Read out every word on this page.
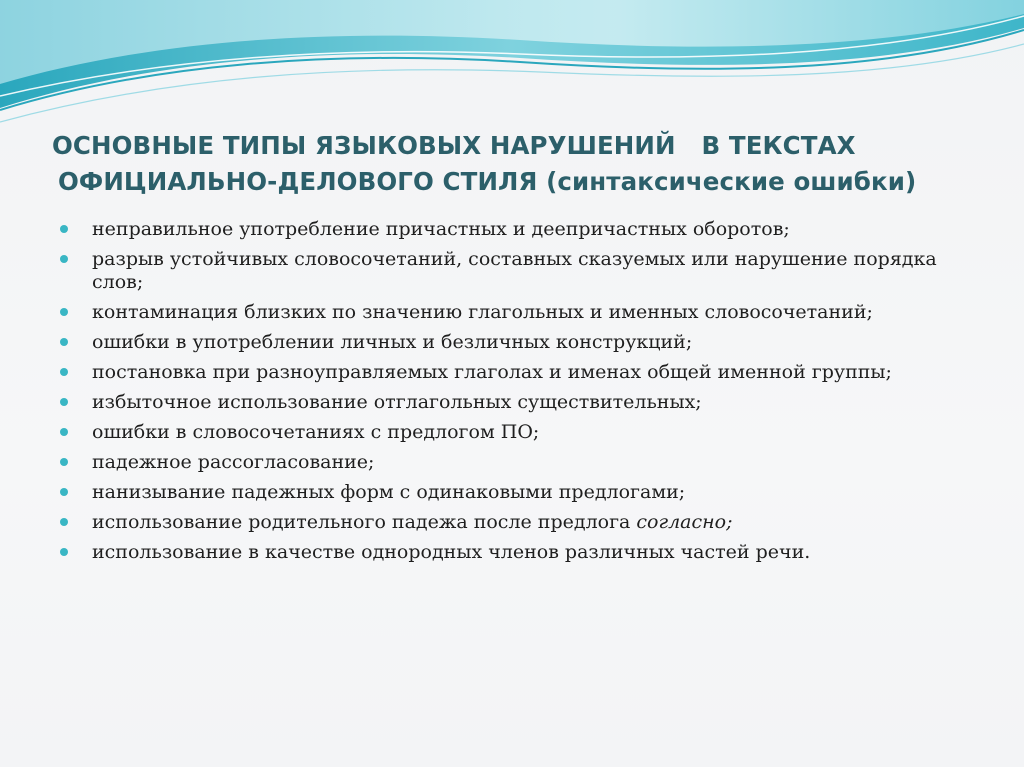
ОСНОВНЫЕ ТИПЫ ЯЗЫКОВЫХ НАРУШЕНИЙ   В ТЕКСТАХ
ОФИЦИАЛЬНО-ДЕЛОВОГО СТИЛЯ (синтаксические ошибки)
неправильное употребление причастных и деепричастных оборотов;
разрыв устойчивых словосочетаний, составных сказуемых или нарушение порядка слов;
контаминация близких по значению глагольных и именных словосочетаний;
ошибки в употреблении личных и безличных конструкций;
постановка при разноуправляемых глаголах и именах общей именной группы;
избыточное использование отглагольных существительных;
ошибки в словосочетаниях с предлогом ПО;
падежное рассогласование;
нанизывание падежных форм с одинаковыми предлогами;
использование родительного падежа после предлога согласно;
использование в качестве однородных членов различных частей речи.
